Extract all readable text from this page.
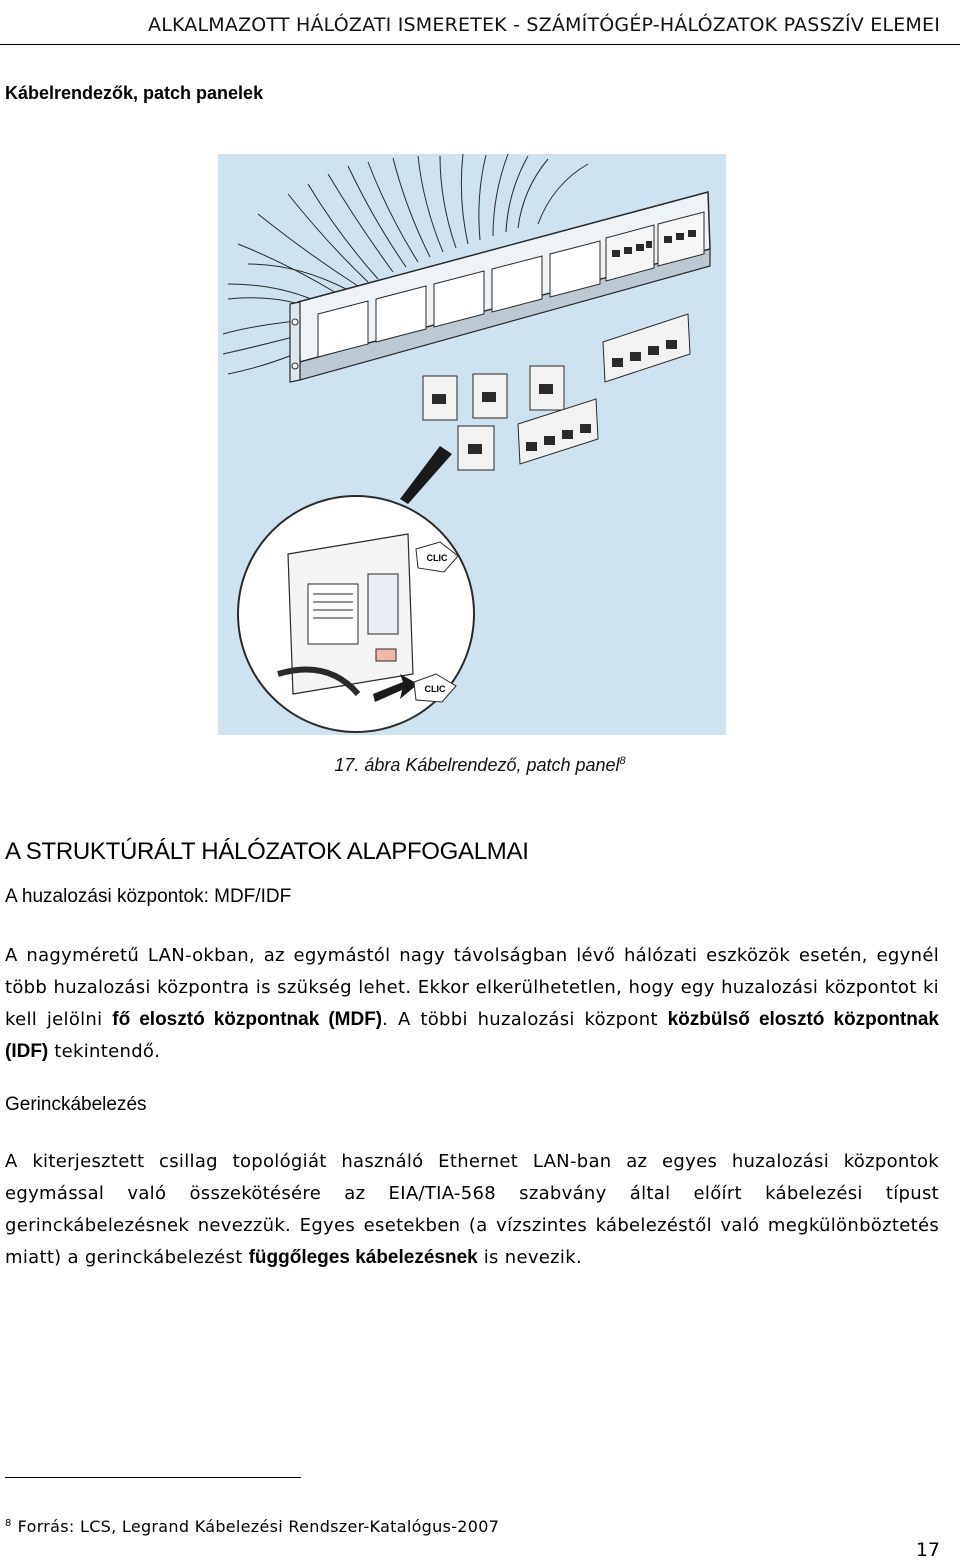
ALKALMAZOTT HÁLÓZATI ISMERETEK - SZÁMÍTÓGÉP-HÁLÓZATOK PASSZÍV ELEMEI
Kábelrendezők, patch panelek
CLIC
CLIC
17. ábra Kábelrendező, patch panel$^8$
A STRUKTÚRÁLT HÁLÓZATOK ALAPFOGALMAI
A huzalozási központok: MDF/IDF
A nagyméretű LAN-okban, az egymástól nagy távolságban lévő hálózati eszközök esetén, egynél több huzalozási központra is szükség lehet. Ekkor elkerülhetetlen, hogy egy huzalozási központot ki kell jelölni fő elosztó központnak (MDF). A többi huzalozási központ közbülső elosztó központnak (IDF) tekintendő.
Gerinckábelezés
A kiterjesztett csillag topológiát használó Ethernet LAN-ban az egyes huzalozási központok egymással való összekötésére az EIA/TIA-568 szabvány által előírt kábelezési típust gerinckábelezésnek nevezzük. Egyes esetekben (a vízszintes kábelezéstől való megkülönböztetés miatt) a gerinckábelezést függőleges kábelezésnek is nevezik.
$^8$ Forrás: LCS, Legrand Kábelezési Rendszer-Katalógus-2007
17
